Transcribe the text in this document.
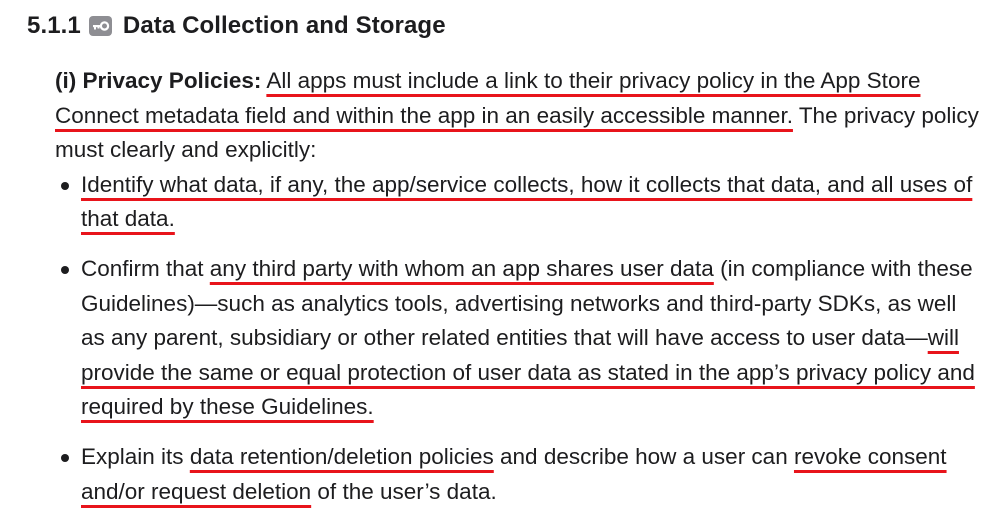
5.1.1 Data Collection and Storage

(i) Privacy Policies: All apps must include a link to their privacy policy in the App Store Connect metadata field and within the app in an easily accessible manner. The privacy policy must clearly and explicitly:

Identify what data, if any, the app/service collects, how it collects that data, and all uses of that data.
Confirm that any third party with whom an app shares user data (in compliance with these Guidelines)—such as analytics tools, advertising networks and third-party SDKs, as well as any parent, subsidiary or other related entities that will have access to user data—will provide the same or equal protection of user data as stated in the app’s privacy policy and required by these Guidelines.
Explain its data retention/deletion policies and describe how a user can revoke consent and/or request deletion of the user’s data.
